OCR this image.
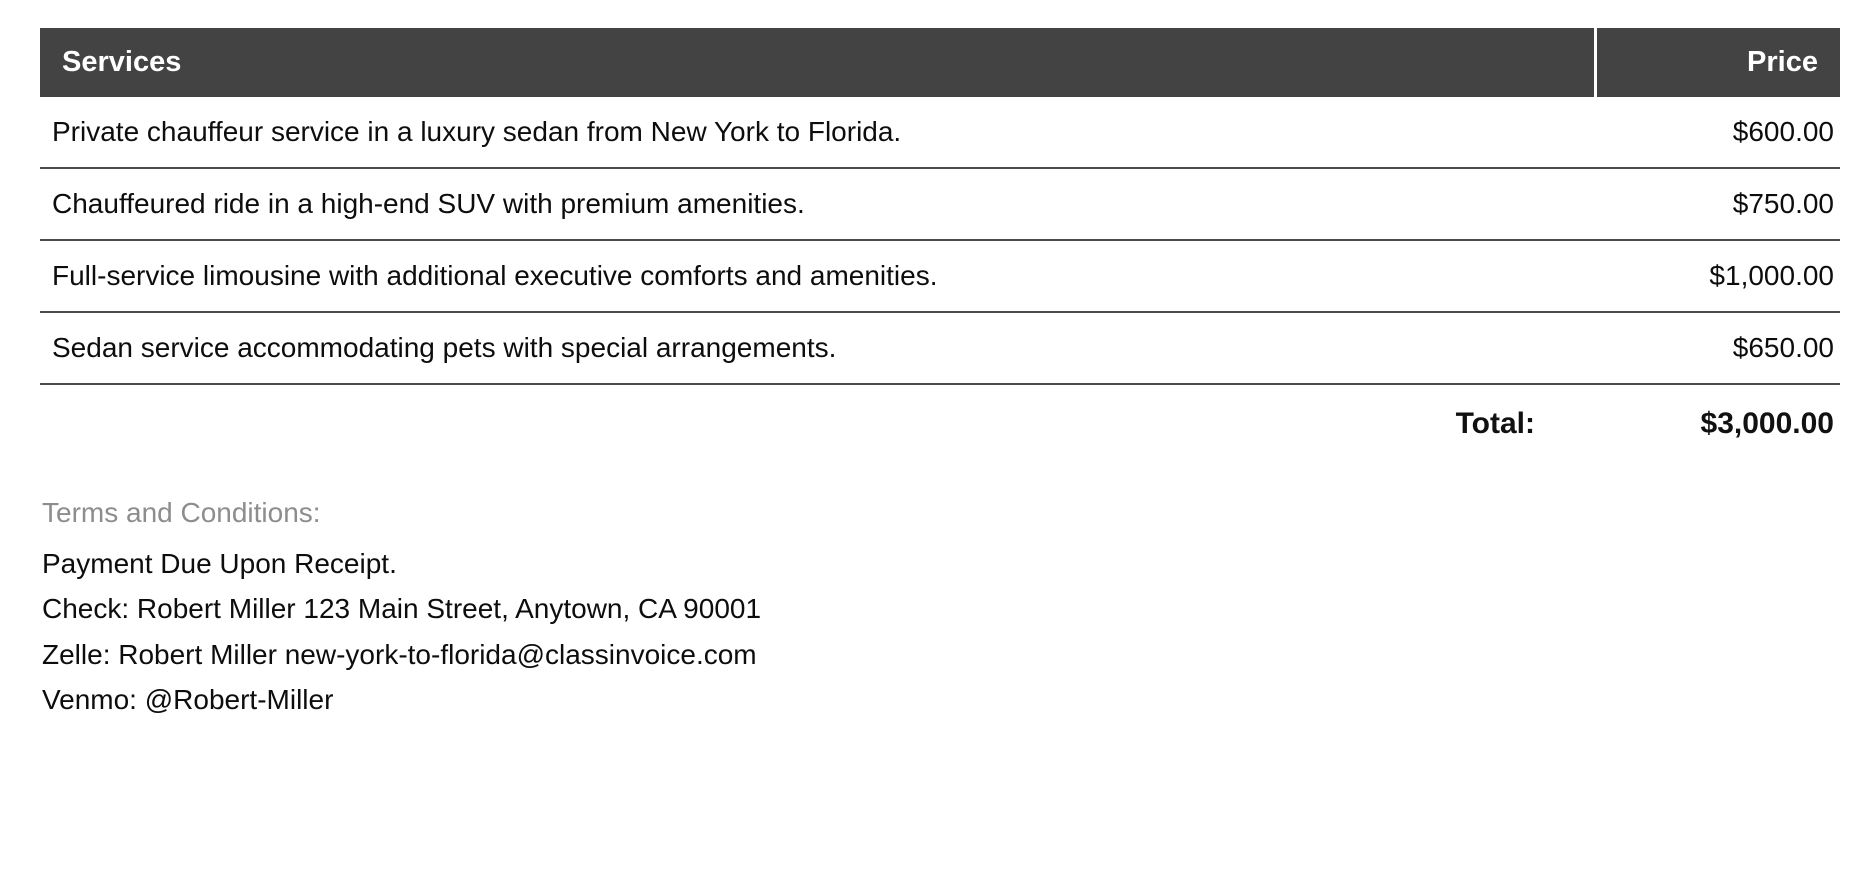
Services	Price
Private chauffeur service in a luxury sedan from New York to Florida.	$600.00
Chauffeured ride in a high-end SUV with premium amenities.	$750.00
Full-service limousine with additional executive comforts and amenities.	$1,000.00
Sedan service accommodating pets with special arrangements.	$650.00
Total:	$3,000.00
Terms and Conditions:
Payment Due Upon Receipt.
Check: Robert Miller 123 Main Street, Anytown, CA 90001
Zelle: Robert Miller new-york-to-florida@classinvoice.com
Venmo: @Robert-Miller
